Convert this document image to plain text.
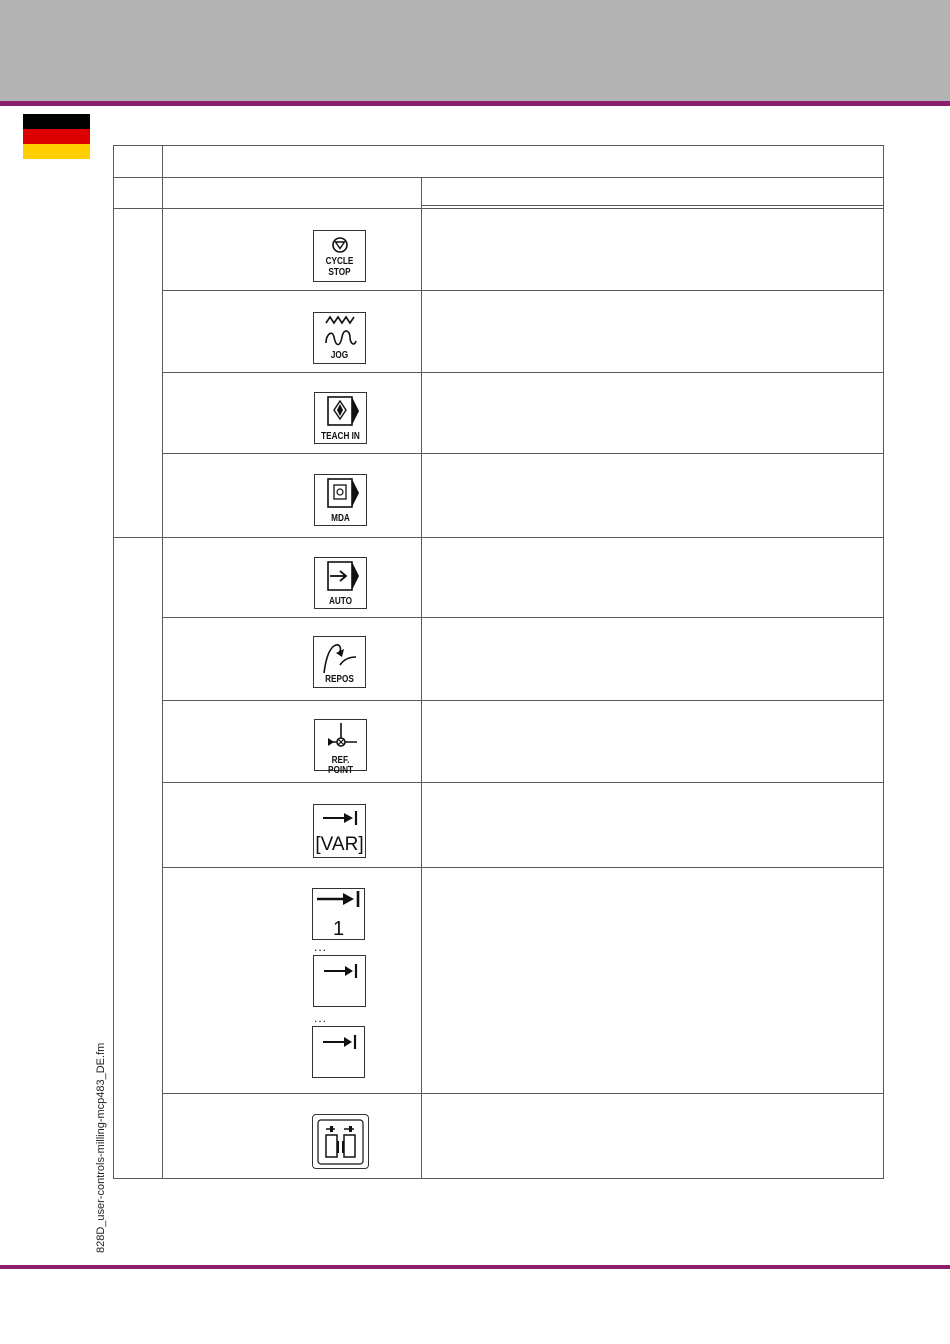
828D_user-controls-milling-mcp483_DE.fm
CYCLE
STOP
JOG
TEACH IN
MDA
AUTO
REPOS
REF. POINT
[VAR]
1
...
...
